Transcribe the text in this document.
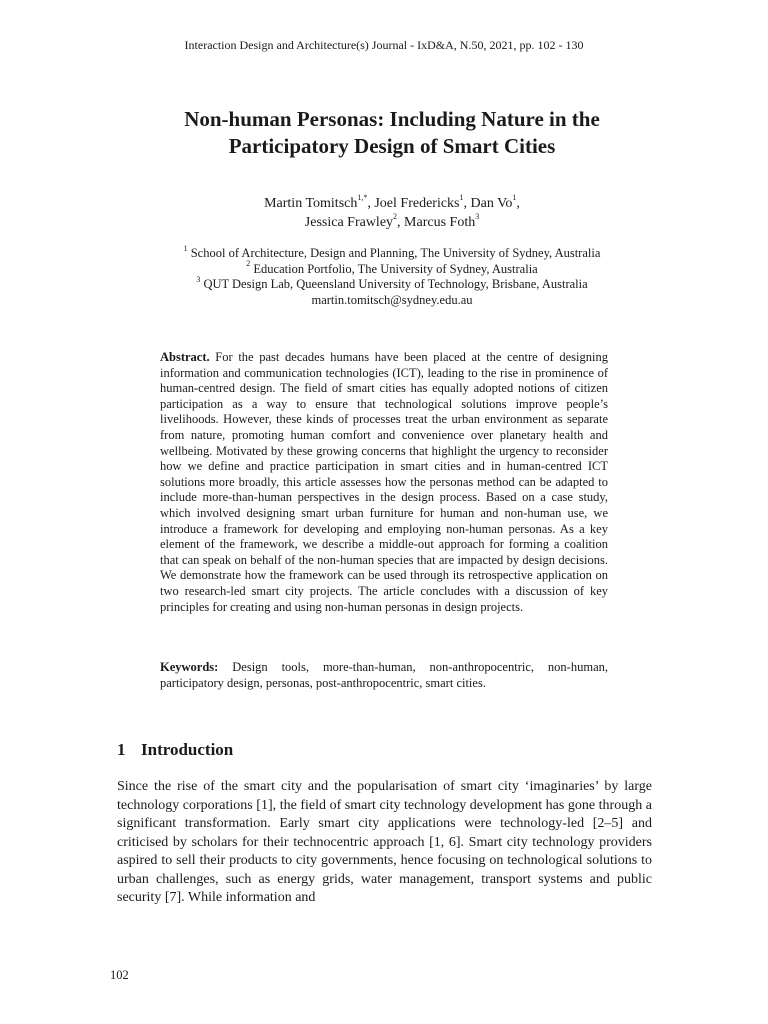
Interaction Design and Architecture(s) Journal - IxD&A, N.50, 2021, pp. 102 - 130
Non-human Personas: Including Nature in the
Participatory Design of Smart Cities
Martin Tomitsch$^{1,*}$, Joel Fredericks$^1$, Dan Vo$^1$,
Jessica Frawley$^2$, Marcus Foth$^3$
$^1$ School of Architecture, Design and Planning, The University of Sydney, Australia
$^2$ Education Portfolio, The University of Sydney, Australia
$^3$ QUT Design Lab, Queensland University of Technology, Brisbane, Australia
martin.tomitsch@sydney.edu.au
Abstract. For the past decades humans have been placed at the centre of designing information and communication technologies (ICT), leading to the rise in prominence of human-centred design. The field of smart cities has equally adopted notions of citizen participation as a way to ensure that technological solutions improve people’s livelihoods. However, these kinds of processes treat the urban environment as separate from nature, promoting human comfort and convenience over planetary health and wellbeing. Motivated by these growing concerns that highlight the urgency to reconsider how we define and practice participation in smart cities and in human-centred ICT solutions more broadly, this article assesses how the personas method can be adapted to include more-than-human perspectives in the design process. Based on a case study, which involved designing smart urban furniture for human and non-human use, we introduce a framework for developing and employing non-human personas. As a key element of the framework, we describe a middle-out approach for forming a coalition that can speak on behalf of the non-human species that are impacted by design decisions. We demonstrate how the framework can be used through its retrospective application on two research-led smart city projects. The article concludes with a discussion of key principles for creating and using non-human personas in design projects.
Keywords: Design tools, more-than-human, non-anthropocentric, non-human, participatory design, personas, post-anthropocentric, smart cities.
1 Introduction
Since the rise of the smart city and the popularisation of smart city ‘imaginaries’ by large technology corporations [1], the field of smart city technology development has gone through a significant transformation. Early smart city applications were technology-led [2–5] and criticised by scholars for their technocentric approach [1, 6]. Smart city technology providers aspired to sell their products to city governments, hence focusing on technological solutions to urban challenges, such as energy grids, water management, transport systems and public security [7]. While information and
102
